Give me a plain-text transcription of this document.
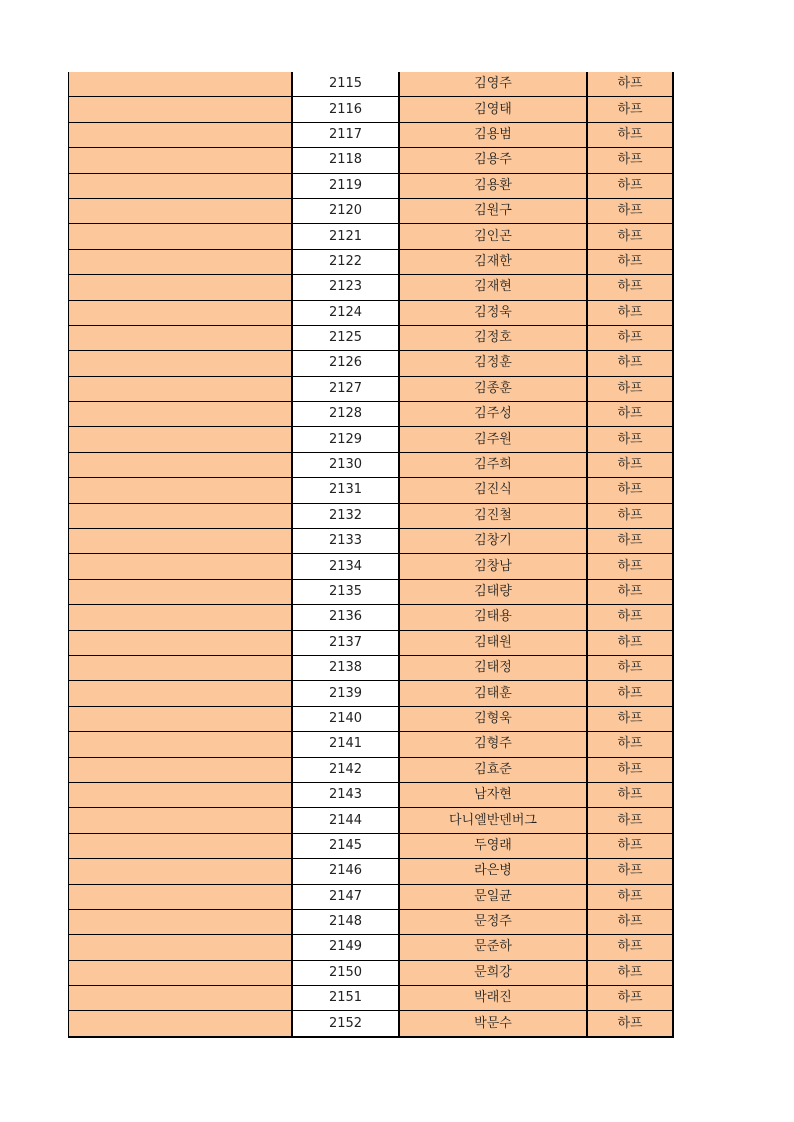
	2115	김영주	하프
	2116	김영태	하프
	2117	김용범	하프
	2118	김용주	하프
	2119	김용환	하프
	2120	김원구	하프
	2121	김인곤	하프
	2122	김재한	하프
	2123	김재현	하프
	2124	김정욱	하프
	2125	김정호	하프
	2126	김정훈	하프
	2127	김종훈	하프
	2128	김주성	하프
	2129	김주원	하프
	2130	김주희	하프
	2131	김진식	하프
	2132	김진철	하프
	2133	김창기	하프
	2134	김창남	하프
	2135	김태량	하프
	2136	김태용	하프
	2137	김태원	하프
	2138	김태정	하프
	2139	김태훈	하프
	2140	김형욱	하프
	2141	김형주	하프
	2142	김효준	하프
	2143	남자현	하프
	2144	다니엘반덴버그	하프
	2145	두영래	하프
	2146	라은병	하프
	2147	문일균	하프
	2148	문정주	하프
	2149	문준하	하프
	2150	문희강	하프
	2151	박래진	하프
	2152	박문수	하프
